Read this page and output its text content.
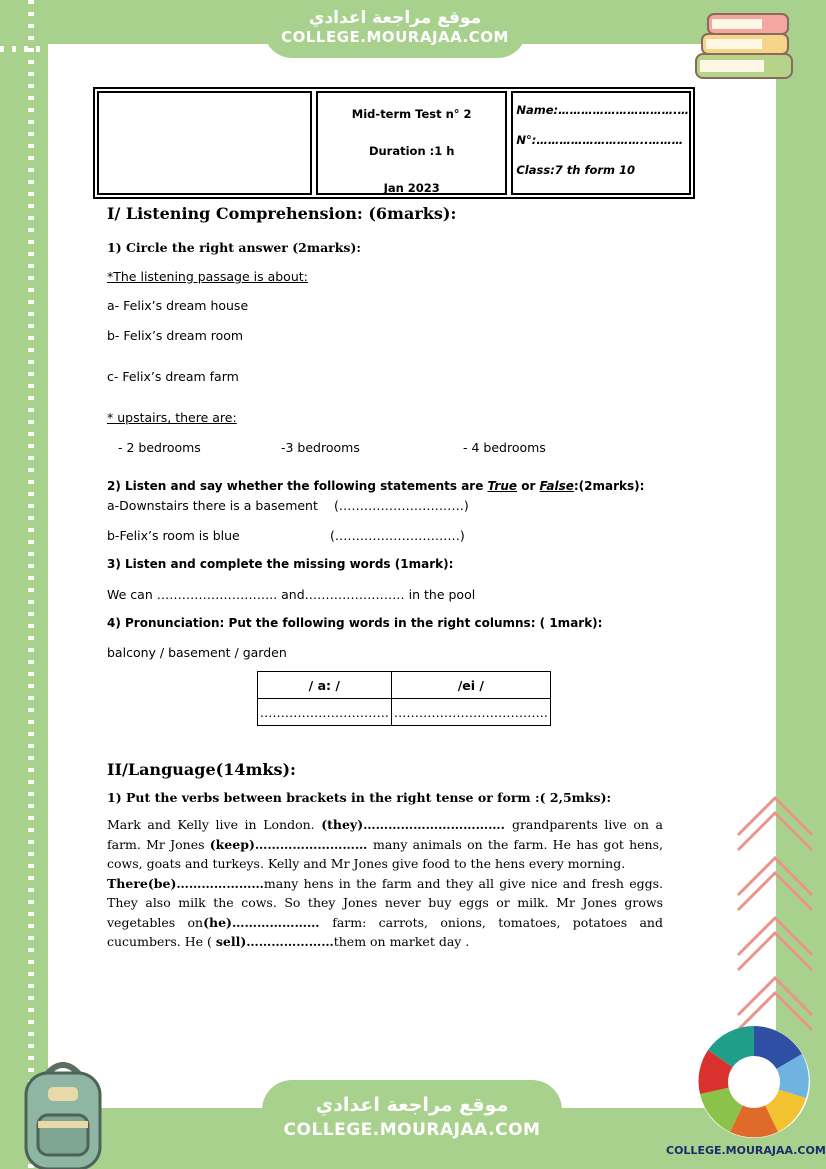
موقع مراجعة اعدادي
COLLEGE.MOURAJAA.COM

Mid-term Test n° 2

Duration :1 h

Jan 2023

Name:………………………….…

N°:………………………..………

Class:7 th form 10

I/ Listening Comprehension: (6marks):
1) Circle the right answer (2marks):
*The listening passage is about:
a- Felix’s dream house
b- Felix’s dream room
c- Felix’s dream farm
* upstairs, there are:
- 2 bedrooms	-3 bedrooms	- 4 bedrooms
2) Listen and say whether the following statements are True or False:(2marks):
a-Downstairs there is a basement (…………………………)
b-Felix’s room is blue	(…………………………)
3) Listen and complete the missing words (1mark):
We can ……………………….. and…………………… in the pool
4) Pronunciation: Put the following words in the right columns: ( 1mark):
balcony / basement / garden
/ a: /	/ei /
………………………….	……………………………….
II/Language(14mks):
1) Put the verbs between brackets in the right tense or form :( 2,5mks):

Mark and Kelly live in London. (they)……………………………. grandparents live on a farm. Mr Jones (keep)……………………… many animals on the farm. He has got hens, cows, goats and turkeys. Kelly and Mr Jones give food to the hens every morning.

There(be)…………………many hens in the farm and they all give nice and fresh eggs. They also milk the cows. So they Jones never buy eggs or milk. Mr Jones grows vegetables on(he)………………… farm: carrots, onions, tomatoes, potatoes and cucumbers. He ( sell)…………………them on market day .

موقع مراجعة اعدادي
COLLEGE.MOURAJAA.COM
COLLEGE.MOURAJAA.COM
